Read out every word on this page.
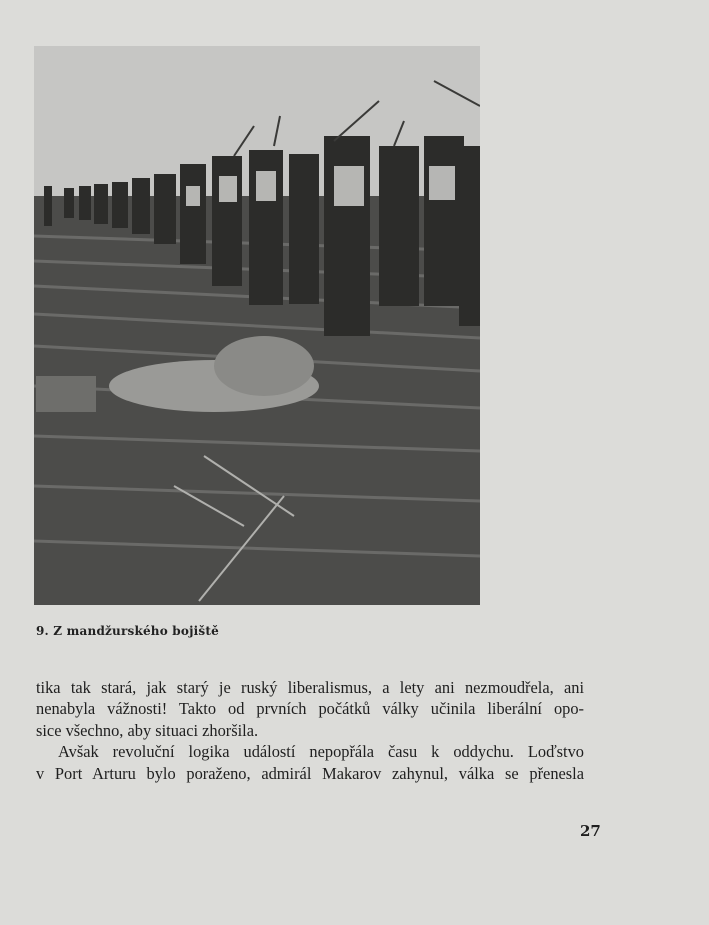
9. Z mandžurského bojiště
tika tak stará, jak starý je ruský liberalismus, a lety ani nezmoudřela, ani
nenabyla vážnosti! Takto od prvních počátků války učinila liberální opo-
sice všechno, aby situaci zhoršila.
Avšak revoluční logika událostí nepopřála času k oddychu. Loďstvo
v Port Arturu bylo poraženo, admirál Makarov zahynul, válka se přenesla
27
